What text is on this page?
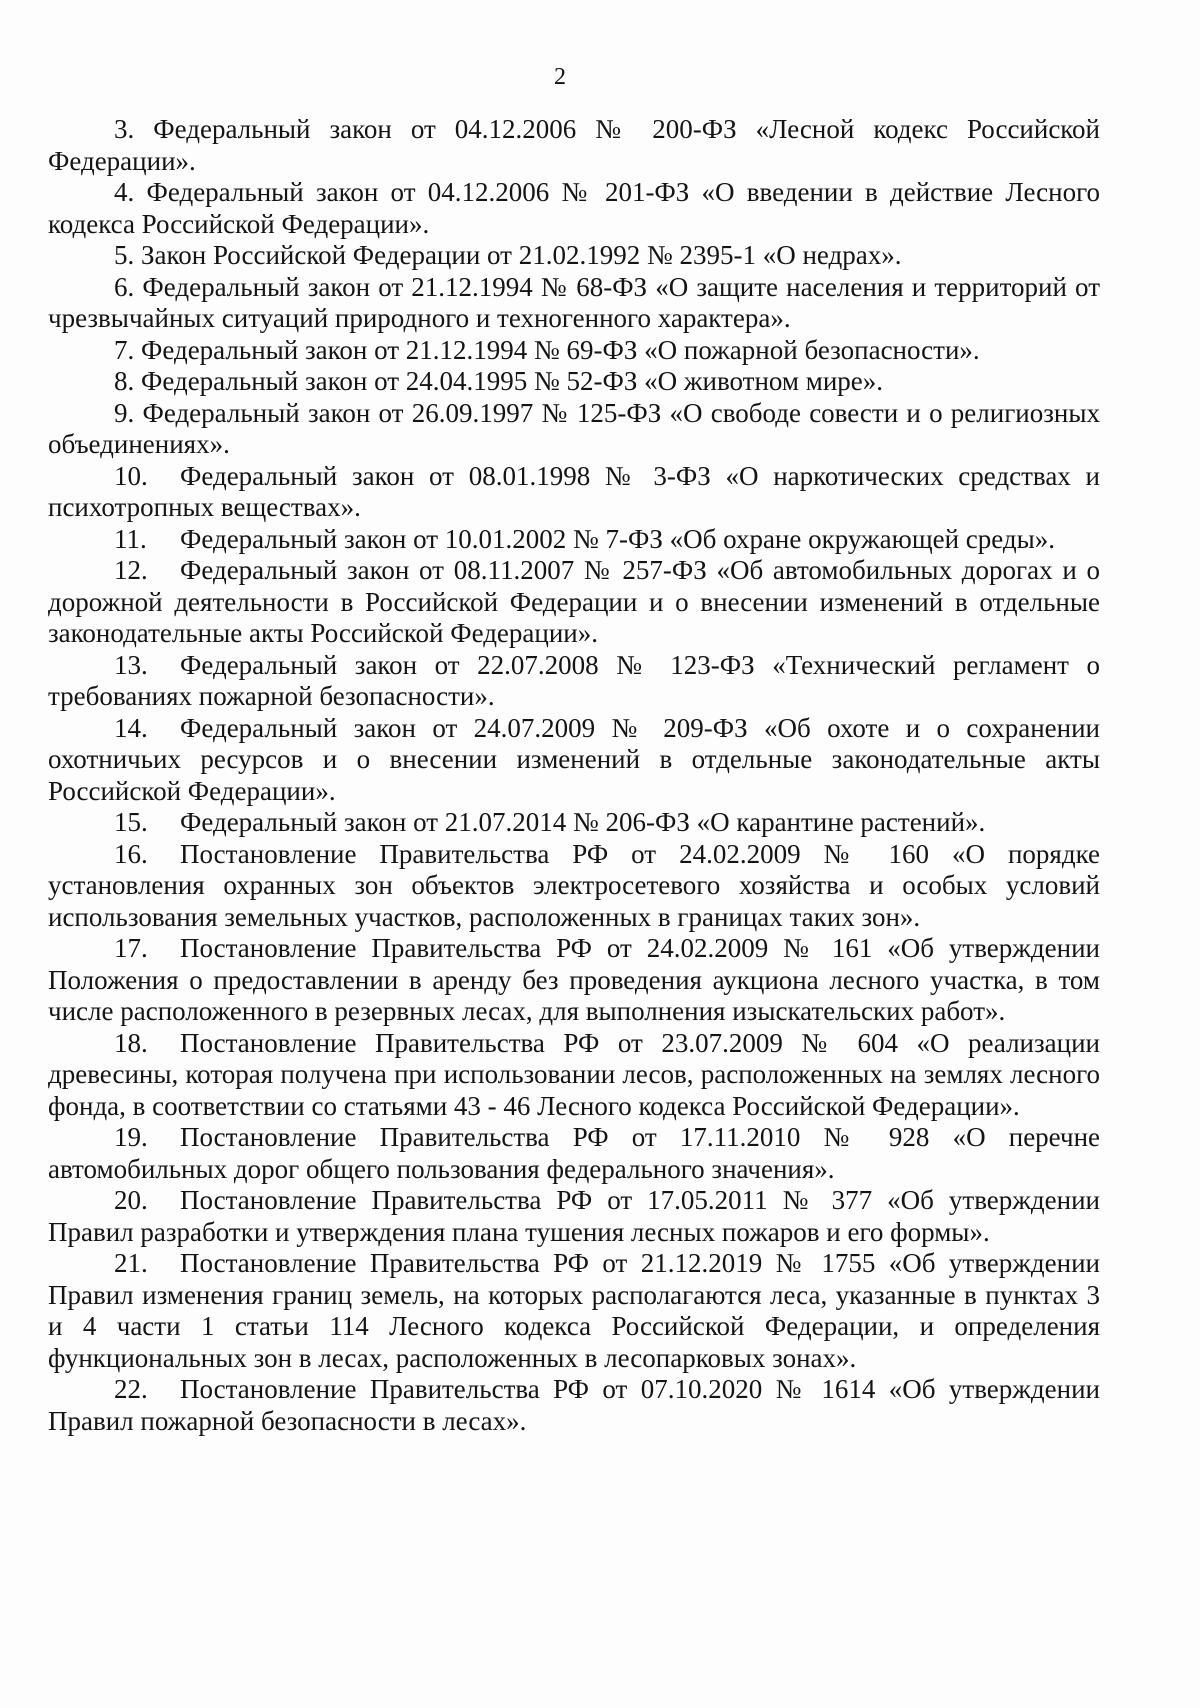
2

3. Федеральный закон от 04.12.2006 № 200-ФЗ «Лесной кодекс Российской Федерации».

4. Федеральный закон от 04.12.2006 № 201-ФЗ «О введении в действие Лесного кодекса Российской Федерации».

5. Закон Российской Федерации от 21.02.1992 № 2395-1 «О недрах».

6. Федеральный закон от 21.12.1994 № 68-ФЗ «О защите населения и территорий от чрезвычайных ситуаций природного и техногенного характера».

7. Федеральный закон от 21.12.1994 № 69-ФЗ «О пожарной безопасности».

8. Федеральный закон от 24.04.1995 № 52-ФЗ «О животном мире».

9. Федеральный закон от 26.09.1997 № 125-ФЗ «О свободе совести и о религиозных объединениях».

10. Федеральный закон от 08.01.1998 № 3-ФЗ «О наркотических средствах и психотропных веществах».

11. Федеральный закон от 10.01.2002 № 7-ФЗ «Об охране окружающей среды».

12. Федеральный закон от 08.11.2007 № 257-ФЗ «Об автомобильных дорогах и о дорожной деятельности в Российской Федерации и о внесении изменений в отдельные законодательные акты Российской Федерации».

13. Федеральный закон от 22.07.2008 № 123-ФЗ «Технический регламент о требованиях пожарной безопасности».

14. Федеральный закон от 24.07.2009 № 209-ФЗ «Об охоте и о сохранении охотничьих ресурсов и о внесении изменений в отдельные законодательные акты Российской Федерации».

15. Федеральный закон от 21.07.2014 № 206-ФЗ «О карантине растений».

16. Постановление Правительства РФ от 24.02.2009 № 160 «О порядке установления охранных зон объектов электросетевого хозяйства и особых условий использования земельных участков, расположенных в границах таких зон».

17. Постановление Правительства РФ от 24.02.2009 № 161 «Об утверждении Положения о предоставлении в аренду без проведения аукциона лесного участка, в том числе расположенного в резервных лесах, для выполнения изыскательских работ».

18. Постановление Правительства РФ от 23.07.2009 № 604 «О реализации древесины, которая получена при использовании лесов, расположенных на землях лесного фонда, в соответствии со статьями 43 - 46 Лесного кодекса Российской Федерации».

19. Постановление Правительства РФ от 17.11.2010 № 928 «О перечне автомобильных дорог общего пользования федерального значения».

20. Постановление Правительства РФ от 17.05.2011 № 377 «Об утверждении Правил разработки и утверждения плана тушения лесных пожаров и его формы».

21. Постановление Правительства РФ от 21.12.2019 № 1755 «Об утверждении Правил изменения границ земель, на которых располагаются леса, указанные в пунктах 3 и 4 части 1 статьи 114 Лесного кодекса Российской Федерации, и определения функциональных зон в лесах, расположенных в лесопарковых зонах».

22. Постановление Правительства РФ от 07.10.2020 № 1614 «Об утверждении Правил пожарной безопасности в лесах».
